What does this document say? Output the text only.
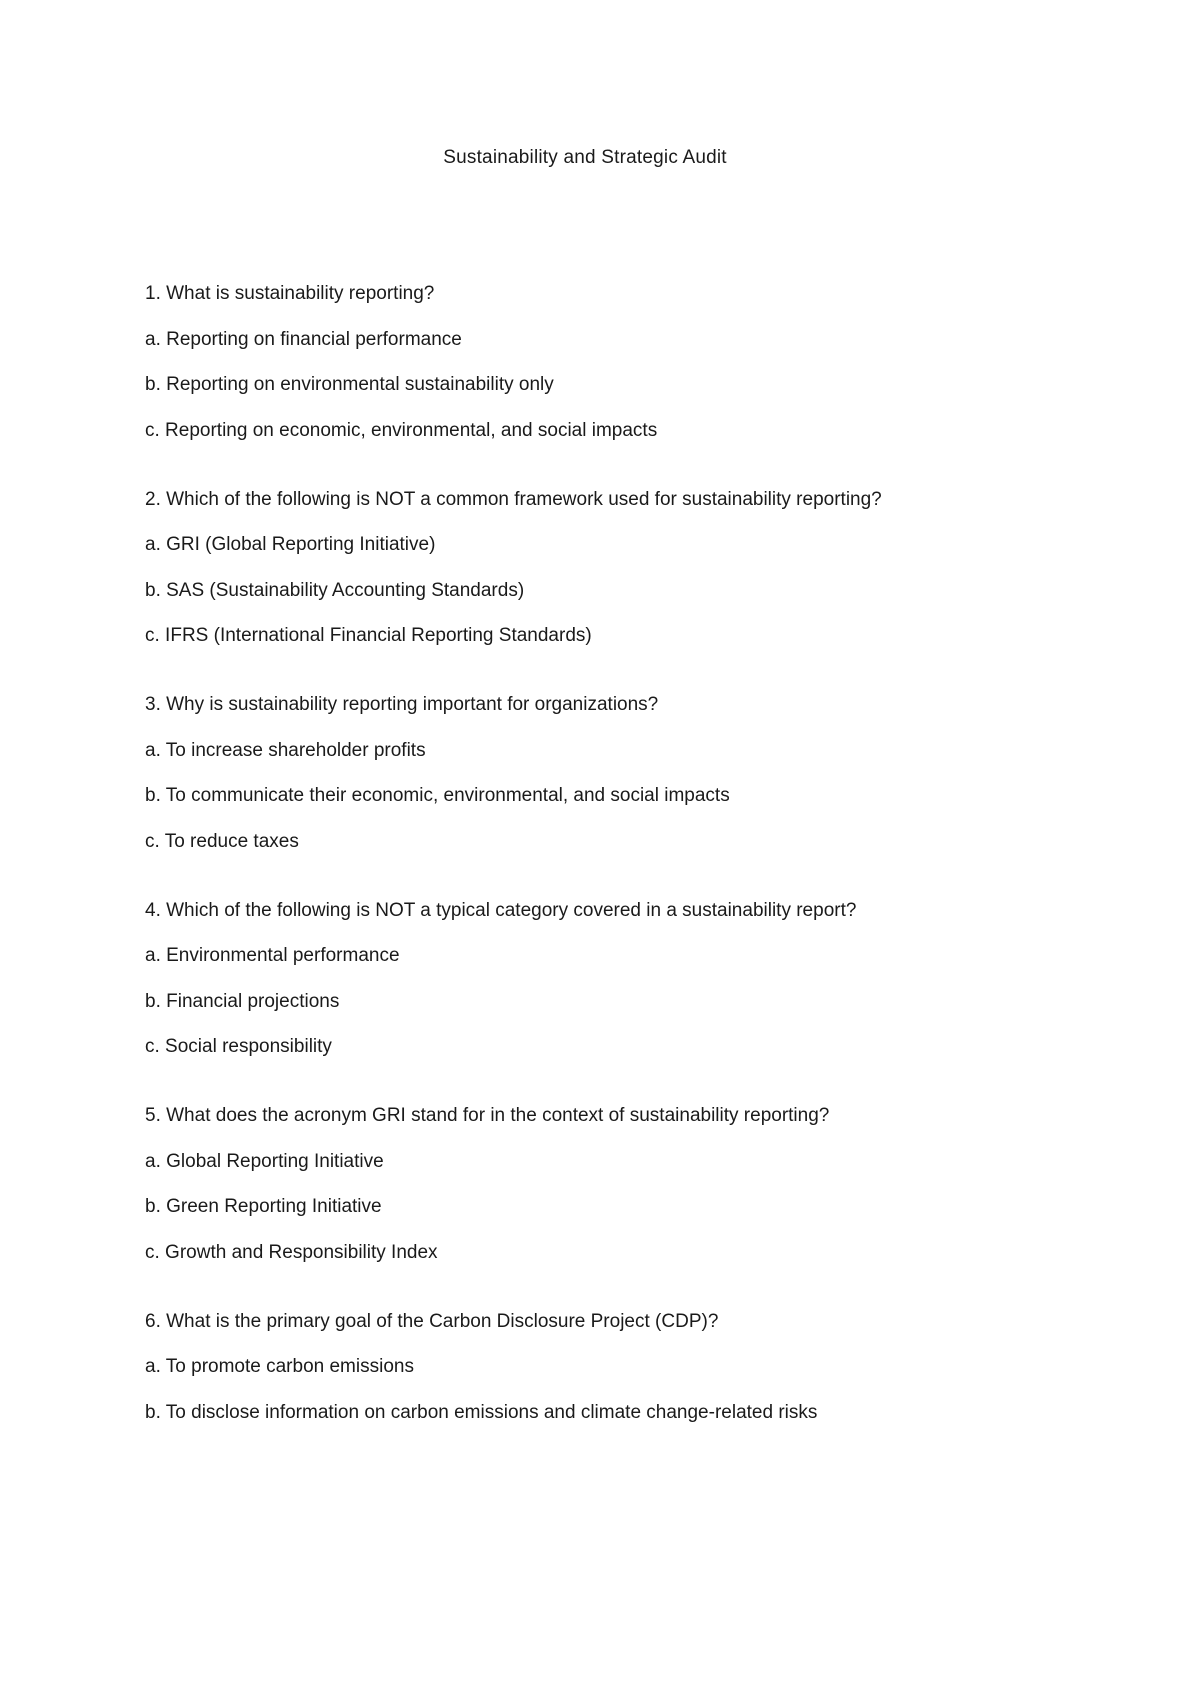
Sustainability and Strategic Audit
1. What is sustainability reporting?
a. Reporting on financial performance
b. Reporting on environmental sustainability only
c. Reporting on economic, environmental, and social impacts
2. Which of the following is NOT a common framework used for sustainability reporting?
a. GRI (Global Reporting Initiative)
b. SAS (Sustainability Accounting Standards)
c. IFRS (International Financial Reporting Standards)
3. Why is sustainability reporting important for organizations?
a. To increase shareholder profits
b. To communicate their economic, environmental, and social impacts
c. To reduce taxes
4. Which of the following is NOT a typical category covered in a sustainability report?
a. Environmental performance
b. Financial projections
c. Social responsibility
5. What does the acronym GRI stand for in the context of sustainability reporting?
a. Global Reporting Initiative
b. Green Reporting Initiative
c. Growth and Responsibility Index
6. What is the primary goal of the Carbon Disclosure Project (CDP)?
a. To promote carbon emissions
b. To disclose information on carbon emissions and climate change-related risks
